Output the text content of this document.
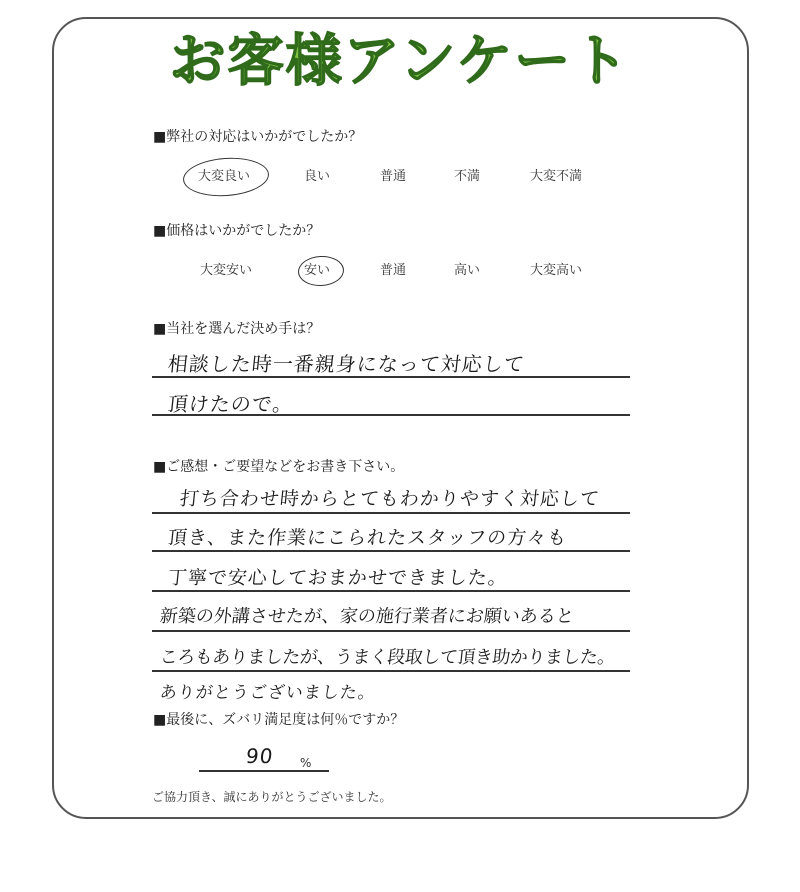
お客様アンケート
■弊社の対応はいかがでしたか？
大変良い	良い	普通	不満	大変不満
■価格はいかがでしたか？
大変安い	安い	普通	高い	大変高い
■当社を選んだ決め手は？
相談した時一番親身になって対応して
頂けたので。
■ご感想・ご要望などをお書き下さい。
打ち合わせ時からとてもわかりやすく対応して
頂き、また作業にこられたスタッフの方々も
丁寧で安心しておまかせできました。
新築の外講させたが、家の施行業者にお願いあると
ころもありましたが、うまく段取して頂き助かりました。
ありがとうございました。
■最後に、ズバリ満足度は何％ですか？
90 %
ご協力頂き、誠にありがとうございました。
